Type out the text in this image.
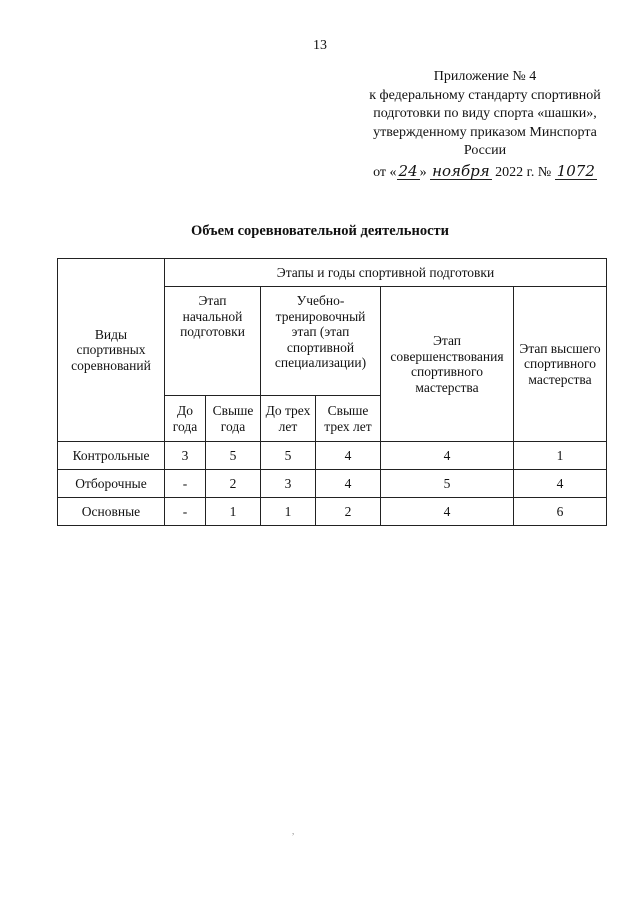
13
Приложение № 4
к федеральному стандарту спортивной
подготовки по виду спорта «шашки»,
утвержденному приказом Минспорта
России
от « 24 » ноября 2022 г. № 1072
Объем соревновательной деятельности
Виды спортивных соревнований	Этапы и годы спортивной подготовки					
	Этап начальной подготовки		Учебно-тренировочный этап (этап спортивной специализации)		Этап совершенствования спортивного мастерства	Этап высшего спортивного мастерства
	До года	Свыше года	До трех лет	Свыше трех лет		
Контрольные	3	5	5	4	4	1
Отборочные	-	2	3	4	5	4
Основные	-	1	1	2	4	6
,
